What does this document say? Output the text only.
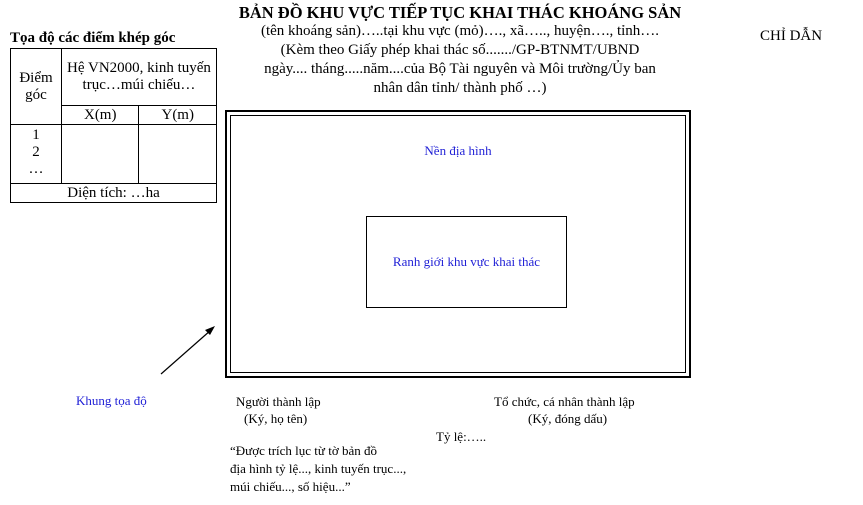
BẢN ĐỒ KHU VỰC TIẾP TỤC KHAI THÁC KHOÁNG SẢN
(tên khoáng sản)…..tại khu vực (mỏ)…., xã….., huyện…., tỉnh….
(Kèm theo Giấy phép khai thác số......./GP-BTNMT/UBND
ngày.... tháng.....năm....của Bộ Tài nguyên và Môi trường/Ủy ban
nhân dân tỉnh/ thành phố …)
CHỈ DẪN
Tọa độ các điểm khép góc
Điểm
góc	Hệ VN2000, kinh tuyến trục…múi chiếu…	
	X(m)	Y(m)

1
2
…		

Diện tích: …ha		
Nền địa hình
Ranh giới khu vực khai thác
Khung tọa độ	Người thành lập
(Ký, họ tên)
Tổ chức, cá nhân thành lập
(Ký, đóng dấu)
Tỷ lệ:…..
“Được trích lục từ tờ bản đồ
địa hình tỷ lệ..., kinh tuyến trục...,
múi chiếu..., số hiệu...”
